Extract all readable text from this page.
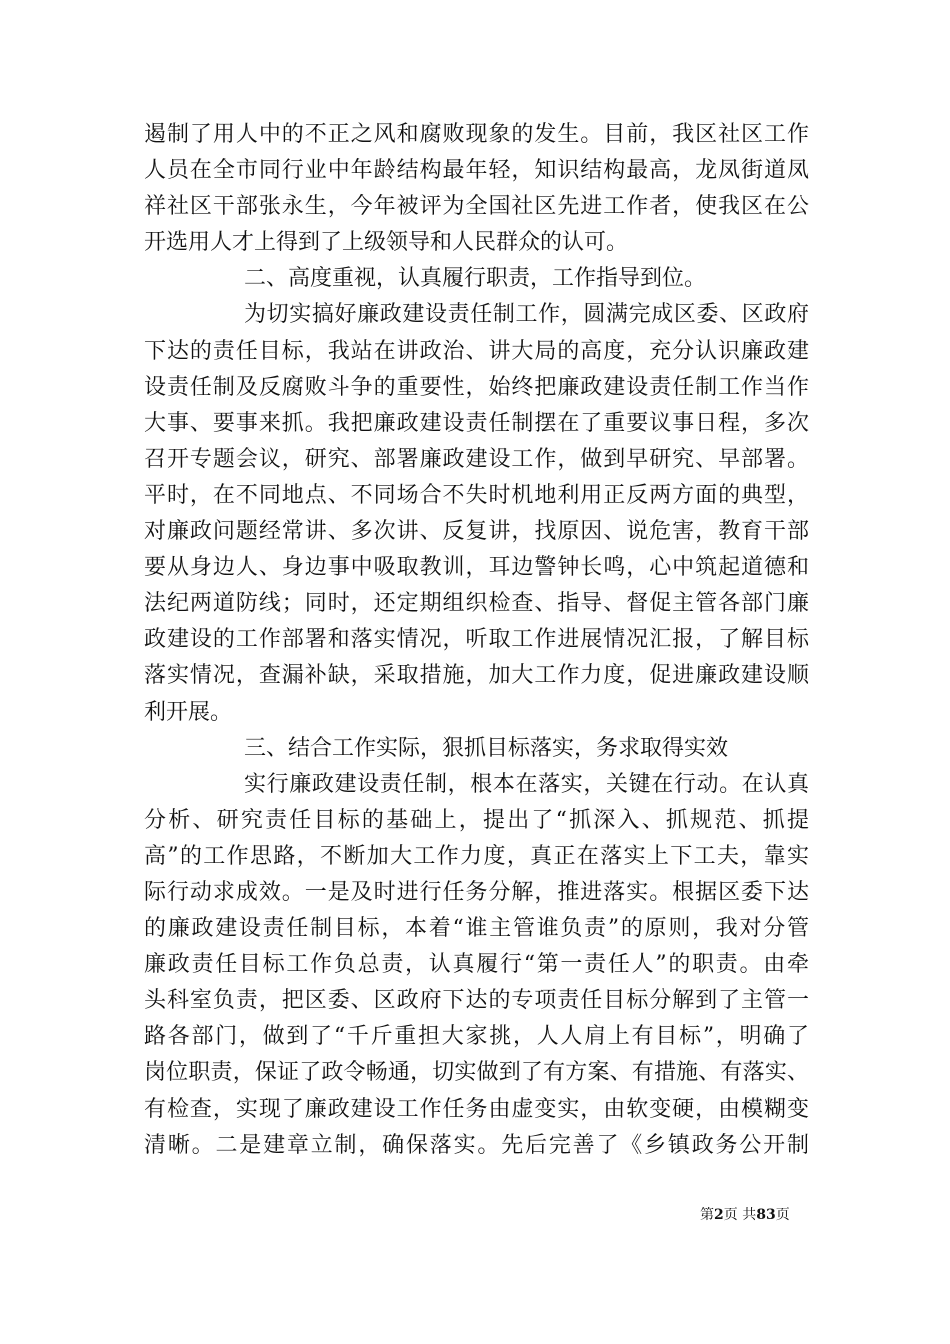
遏制了用人中的不正之风和腐败现象的发生。目前，我区社区工作
人员在全市同行业中年龄结构最年轻，知识结构最高，龙凤街道凤
祥社区干部张永生，今年被评为全国社区先进工作者，使我区在公
开选用人才上得到了上级领导和人民群众的认可。
二、高度重视，认真履行职责，工作指导到位。
为切实搞好廉政建设责任制工作，圆满完成区委、区政府
下达的责任目标，我站在讲政治、讲大局的高度，充分认识廉政建
设责任制及反腐败斗争的重要性，始终把廉政建设责任制工作当作
大事、要事来抓。我把廉政建设责任制摆在了重要议事日程，多次
召开专题会议，研究、部署廉政建设工作，做到早研究、早部署。
平时，在不同地点、不同场合不失时机地利用正反两方面的典型，
对廉政问题经常讲、多次讲、反复讲，找原因、说危害，教育干部
要从身边人、身边事中吸取教训，耳边警钟长鸣，心中筑起道德和
法纪两道防线；同时，还定期组织检查、指导、督促主管各部门廉
政建设的工作部署和落实情况，听取工作进展情况汇报，了解目标
落实情况，查漏补缺，采取措施，加大工作力度，促进廉政建设顺
利开展。
三、结合工作实际，狠抓目标落实，务求取得实效
实行廉政建设责任制，根本在落实，关键在行动。在认真
分析、研究责任目标的基础上，提出了“抓深入、抓规范、抓提
高”的工作思路，不断加大工作力度，真正在落实上下工夫，靠实
际行动求成效。一是及时进行任务分解，推进落实。根据区委下达
的廉政建设责任制目标，本着“谁主管谁负责”的原则，我对分管
廉政责任目标工作负总责，认真履行“第一责任人”的职责。由牵
头科室负责，把区委、区政府下达的专项责任目标分解到了主管一
路各部门，做到了“千斤重担大家挑，人人肩上有目标”，明确了
岗位职责，保证了政令畅通，切实做到了有方案、有措施、有落实、
有检查，实现了廉政建设工作任务由虚变实，由软变硬，由模糊变
清晰。二是建章立制，确保落实。先后完善了《乡镇政务公开制
第2页 共83页
